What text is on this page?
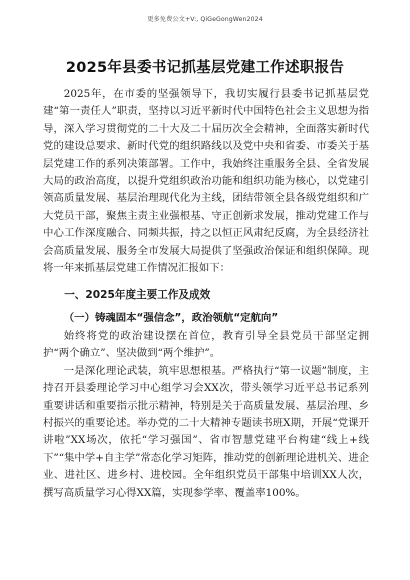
更多免费公文+V:, QiGeGongWen2024
2025年县委书记抓基层党建工作述职报告

2025年，在市委的坚强领导下，我切实履行县委书记抓基层党建“第一责任人”职责，坚持以习近平新时代中国特色社会主义思想为指导，深入学习贯彻党的二十大及二十届历次全会精神，全面落实新时代党的建设总要求、新时代党的组织路线以及党中央和省委、市委关于基层党建工作的系列决策部署。工作中，我始终注重服务全县、全省发展大局的政治高度，以提升党组织政治功能和组织功能为核心，以党建引领高质量发展、基层治理现代化为主线，团结带领全县各级党组织和广大党员干部，聚焦主责主业强根基、守正创新求发展，推动党建工作与中心工作深度融合、同频共振，持之以恒正风肃纪反腐，为全县经济社会高质量发展、服务全市发展大局提供了坚强政治保证和组织保障。现将一年来抓基层党建工作情况汇报如下：

一、2025年度主要工作及成效

（一）铸魂固本“强信念”，政治领航“定航向”

始终将党的政治建设摆在首位，教育引导全县党员干部坚定拥护“两个确立”、坚决做到“两个维护”。

一是深化理论武装，筑牢思想根基。严格执行“第一议题”制度，主持召开县委理论学习中心组学习会XX次，带头领学习近平总书记系列重要讲话和重要指示批示精神，特别是关于高质量发展、基层治理、乡村振兴的重要论述。举办党的二十大精神专题读书班X期，开展“党课开讲啦”XX场次，依托“学习强国”、省市智慧党建平台构建“线上+线下”“集中学+自主学”常态化学习矩阵，推动党的创新理论进机关、进企业、进社区、进乡村、进校园。全年组织党员干部集中培训XX人次，撰写高质量学习心得XX篇，实现参学率、覆盖率100%。
